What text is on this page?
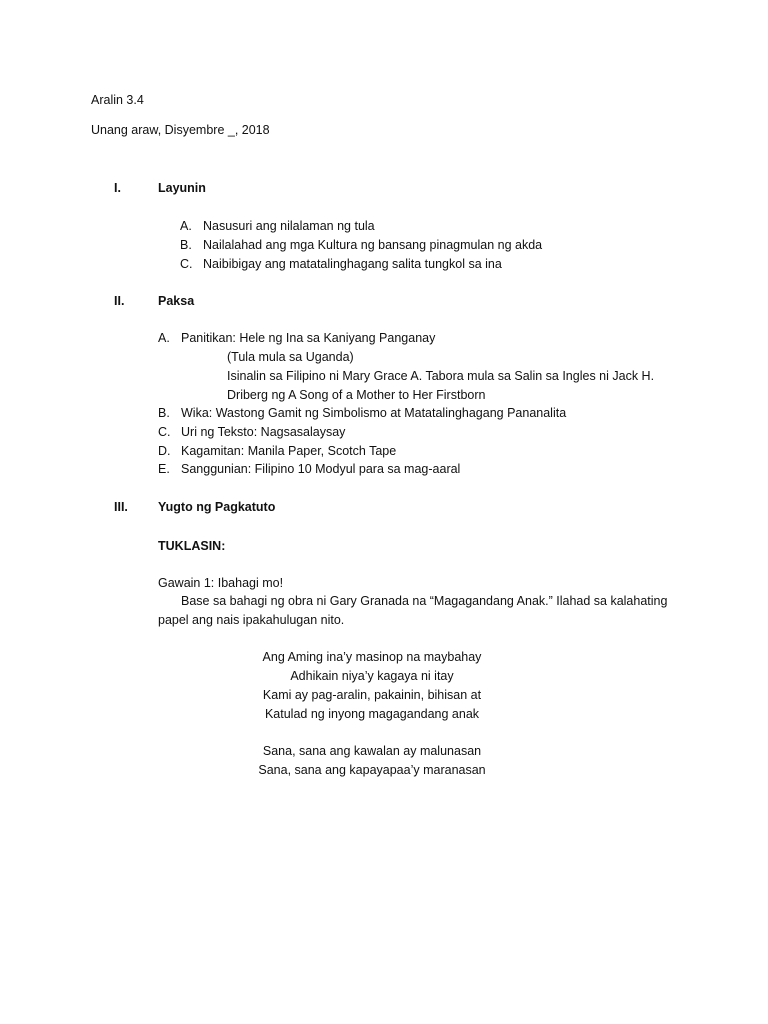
Aralin 3.4
Unang araw, Disyembre _, 2018
I.	Layunin
A. Nasusuri ang nilalaman ng tula
B. Nailalahad ang mga Kultura ng bansang pinagmulan ng akda
C. Naibibigay ang matatalinghagang salita tungkol sa ina
II.	Paksa
A. Panitikan: Hele ng Ina sa Kaniyang Panganay
(Tula mula sa Uganda)
Isinalin sa Filipino ni Mary Grace A. Tabora mula sa Salin sa Ingles ni Jack H.
Driberg ng A Song of a Mother to Her Firstborn
B. Wika: Wastong Gamit ng Simbolismo at Matatalinghagang Pananalita
C. Uri ng Teksto: Nagsasalaysay
D. Kagamitan: Manila Paper, Scotch Tape
E. Sanggunian: Filipino 10 Modyul para sa mag-aaral
III. Yugto ng Pagkatuto
TUKLASIN:
Gawain 1: Ibahagi mo!
Base sa bahagi ng obra ni Gary Granada na “Magagandang Anak.” Ilahad sa kalahating
papel ang nais ipakahulugan nito.
Ang Aming ina’y masinop na maybahay
Adhikain niya’y kagaya ni itay
Kami ay pag-aralin, pakainin, bihisan at
Katulad ng inyong magagandang anak
Sana, sana ang kawalan ay malunasan
Sana, sana ang kapayapaa’y maranasan
